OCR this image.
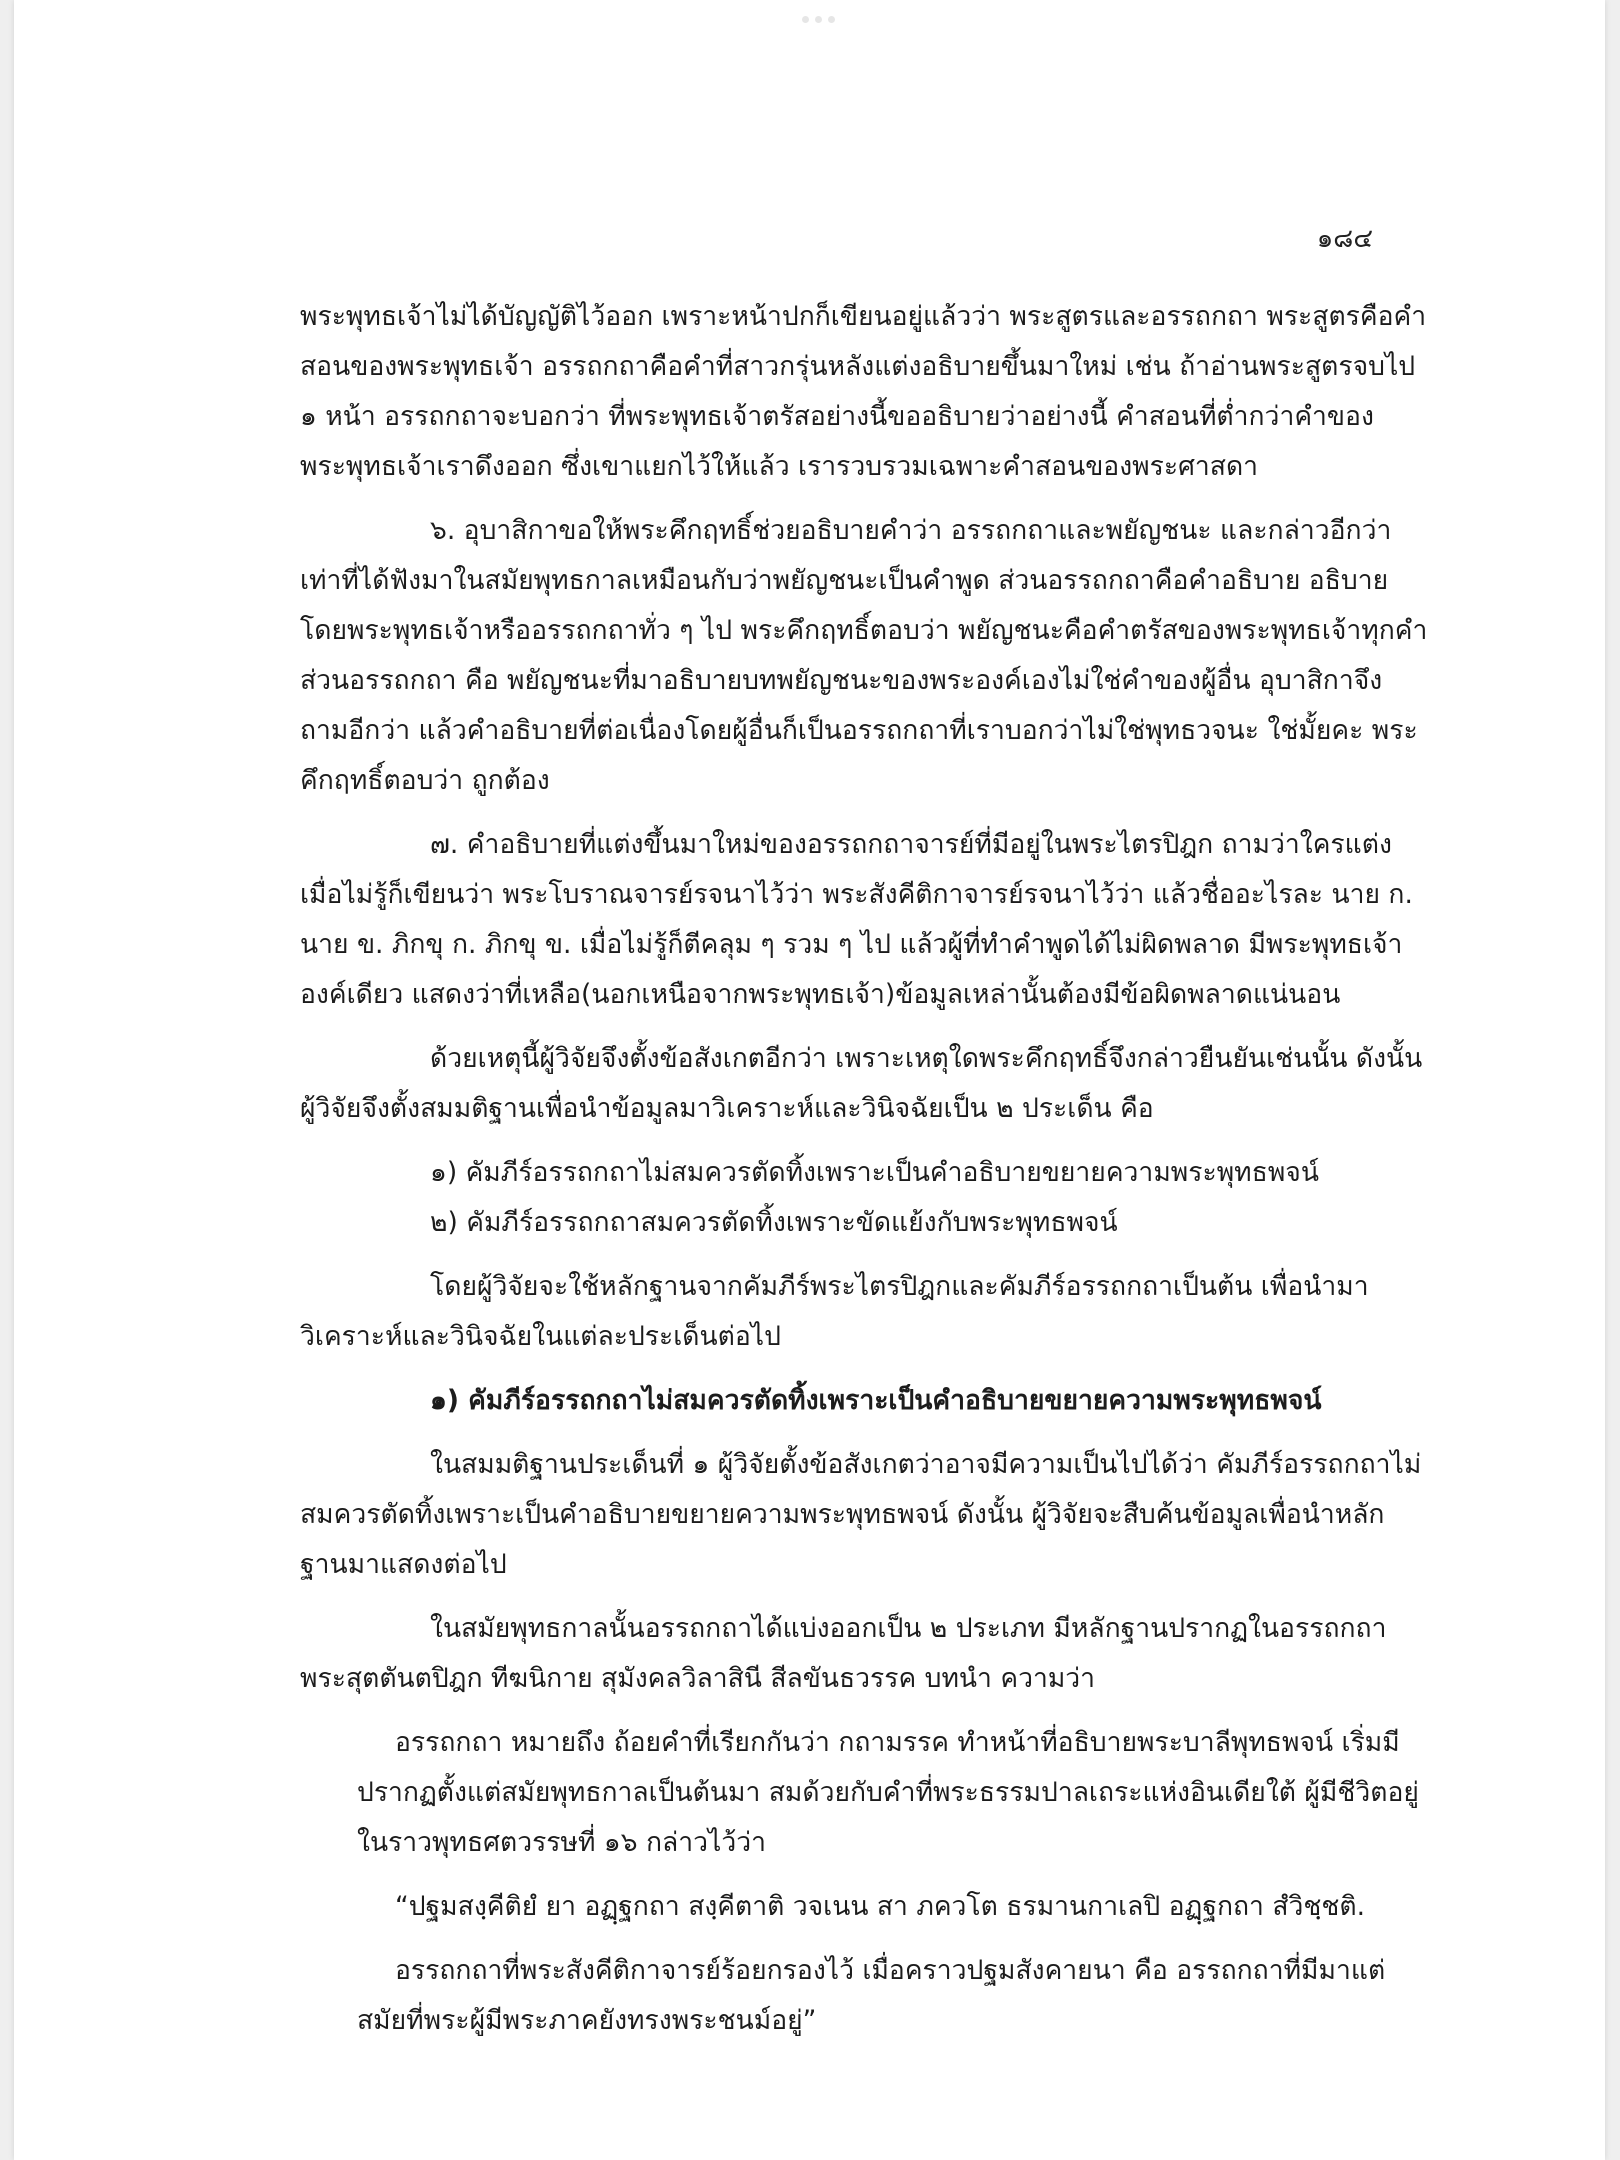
๑๘๔

พระพุทธเจ้าไม่ได้บัญญัติไว้ออก เพราะหน้าปกก็เขียนอยู่แล้วว่า พระสูตรและอรรถกถา พระสูตรคือคำสอนของพระพุทธเจ้า อรรถกถาคือคำที่สาวกรุ่นหลังแต่งอธิบายขึ้นมาใหม่ เช่น ถ้าอ่านพระสูตรจบไป ๑ หน้า อรรถกถาจะบอกว่า ที่พระพุทธเจ้าตรัสอย่างนี้ขออธิบายว่าอย่างนี้ คำสอนที่ต่ำกว่าคำของพระพุทธเจ้าเราดึงออก ซึ่งเขาแยกไว้ให้แล้ว เรารวบรวมเฉพาะคำสอนของพระศาสดา

๖. อุบาสิกาขอให้พระคึกฤทธิ์ช่วยอธิบายคำว่า อรรถกถาและพยัญชนะ และกล่าวอีกว่าเท่าที่ได้ฟังมาในสมัยพุทธกาลเหมือนกับว่าพยัญชนะเป็นคำพูด ส่วนอรรถกถาคือคำอธิบาย อธิบายโดยพระพุทธเจ้าหรืออรรถกถาทั่ว ๆ ไป พระคึกฤทธิ์ตอบว่า พยัญชนะคือคำตรัสของพระพุทธเจ้าทุกคำ ส่วนอรรถกถา คือ พยัญชนะที่มาอธิบายบทพยัญชนะของพระองค์เองไม่ใช่คำของผู้อื่น อุบาสิกาจึงถามอีกว่า แล้วคำอธิบายที่ต่อเนื่องโดยผู้อื่นก็เป็นอรรถกถาที่เราบอกว่าไม่ใช่พุทธวจนะ ใช่มั้ยคะ พระคึกฤทธิ์ตอบว่า ถูกต้อง

๗. คำอธิบายที่แต่งขึ้นมาใหม่ของอรรถกถาจารย์ที่มีอยู่ในพระไตรปิฎก ถามว่าใครแต่งเมื่อไม่รู้ก็เขียนว่า พระโบราณจารย์รจนาไว้ว่า พระสังคีติกาจารย์รจนาไว้ว่า แล้วชื่ออะไรละ นาย ก. นาย ข. ภิกขุ ก. ภิกขุ ข. เมื่อไม่รู้ก็ตีคลุม ๆ รวม ๆ ไป แล้วผู้ที่ทำคำพูดได้ไม่ผิดพลาด มีพระพุทธเจ้าองค์เดียว แสดงว่าที่เหลือ(นอกเหนือจากพระพุทธเจ้า)ข้อมูลเหล่านั้นต้องมีข้อผิดพลาดแน่นอน

ด้วยเหตุนี้ผู้วิจัยจึงตั้งข้อสังเกตอีกว่า เพราะเหตุใดพระคึกฤทธิ์จึงกล่าวยืนยันเช่นนั้น ดังนั้น ผู้วิจัยจึงตั้งสมมติฐานเพื่อนำข้อมูลมาวิเคราะห์และวินิจฉัยเป็น ๒ ประเด็น คือ

๑) คัมภีร์อรรถกถาไม่สมควรตัดทิ้งเพราะเป็นคำอธิบายขยายความพระพุทธพจน์

๒) คัมภีร์อรรถกถาสมควรตัดทิ้งเพราะขัดแย้งกับพระพุทธพจน์

โดยผู้วิจัยจะใช้หลักฐานจากคัมภีร์พระไตรปิฎกและคัมภีร์อรรถกถาเป็นต้น เพื่อนำมาวิเคราะห์และวินิจฉัยในแต่ละประเด็นต่อไป

๑) คัมภีร์อรรถกถาไม่สมควรตัดทิ้งเพราะเป็นคำอธิบายขยายความพระพุทธพจน์

ในสมมติฐานประเด็นที่ ๑ ผู้วิจัยตั้งข้อสังเกตว่าอาจมีความเป็นไปได้ว่า คัมภีร์อรรถกถาไม่สมควรตัดทิ้งเพราะเป็นคำอธิบายขยายความพระพุทธพจน์ ดังนั้น ผู้วิจัยจะสืบค้นข้อมูลเพื่อนำหลักฐานมาแสดงต่อไป

ในสมัยพุทธกาลนั้นอรรถกถาได้แบ่งออกเป็น ๒ ประเภท มีหลักฐานปรากฏในอรรถกถาพระสุตตันตปิฎก ทีฆนิกาย สุมังคลวิลาสินี สีลขันธวรรค บทนำ ความว่า

อรรถกถา หมายถึง ถ้อยคำที่เรียกกันว่า กถามรรค ทำหน้าที่อธิบายพระบาลีพุทธพจน์ เริ่มมีปรากฏตั้งแต่สมัยพุทธกาลเป็นต้นมา สมด้วยกับคำที่พระธรรมปาลเถระแห่งอินเดียใต้ ผู้มีชีวิตอยู่ในราวพุทธศตวรรษที่ ๑๖ กล่าวไว้ว่า

“ปฐมสงฺคีติยํ ยา อฏฺฐกถา สงฺคีตาติ วจเนน สา ภควโต ธรมานกาเลปิ อฏฺฐกถา สํวิชฺชติ.

อรรถกถาที่พระสังคีติกาจารย์ร้อยกรองไว้ เมื่อคราวปฐมสังคายนา คือ อรรถกถาที่มีมาแต่สมัยที่พระผู้มีพระภาคยังทรงพระชนม์อยู่”
